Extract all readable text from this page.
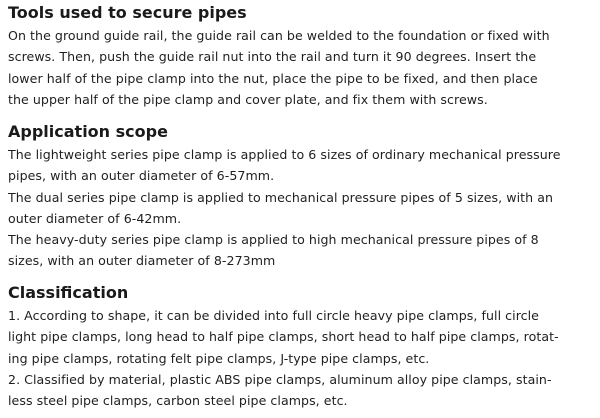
Tools used to secure pipes

On the ground guide rail, the guide rail can be welded to the foundation or fixed with
screws. Then, push the guide rail nut into the rail and turn it 90 degrees. Insert the
lower half of the pipe clamp into the nut, place the pipe to be fixed, and then place
the upper half of the pipe clamp and cover plate, and fix them with screws.

Application scope

The lightweight series pipe clamp is applied to 6 sizes of ordinary mechanical pressure
pipes, with an outer diameter of 6-57mm.
The dual series pipe clamp is applied to mechanical pressure pipes of 5 sizes, with an
outer diameter of 6-42mm.
The heavy-duty series pipe clamp is applied to high mechanical pressure pipes of 8
sizes, with an outer diameter of 8-273mm

Classification

1. According to shape, it can be divided into full circle heavy pipe clamps, full circle
light pipe clamps, long head to half pipe clamps, short head to half pipe clamps, rotat-
ing pipe clamps, rotating felt pipe clamps, J-type pipe clamps, etc.
2. Classified by material, plastic ABS pipe clamps, aluminum alloy pipe clamps, stain-
less steel pipe clamps, carbon steel pipe clamps, etc.
